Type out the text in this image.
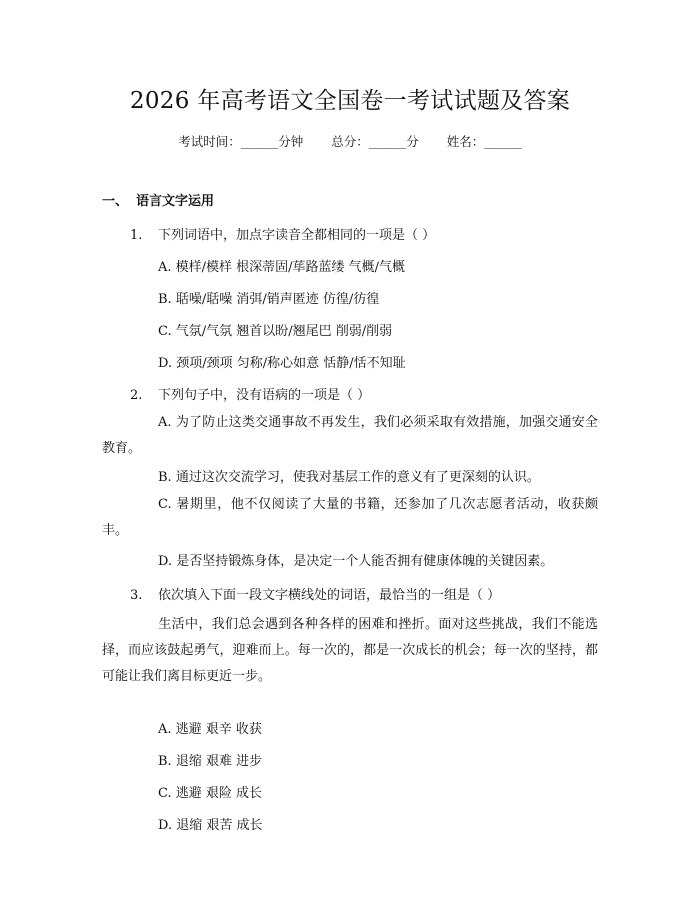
2026 年高考语文全国卷一考试试题及答案
考试时间：______分钟 总分：______分 姓名：______
一、 语言文字运用
1. 下列词语中，加点字读音全都相同的一项是（ ）
A. 模样/模样 根深蒂固/荜路蓝缕 气概/气概
B. 聒噪/聒噪 消弭/销声匿迹 仿徨/彷徨
C. 气氛/气氛 翘首以盼/翘尾巴 削弱/削弱
D. 颈项/颈项 匀称/称心如意 恬静/恬不知耻
2. 下列句子中，没有语病的一项是（ ）
A. 为了防止这类交通事故不再发生，我们必须采取有效措施，加强交通安全教育。
B. 通过这次交流学习，使我对基层工作的意义有了更深刻的认识。
C. 暑期里，他不仅阅读了大量的书籍，还参加了几次志愿者活动，收获颇丰。
D. 是否坚持锻炼身体，是决定一个人能否拥有健康体魄的关键因素。
3. 依次填入下面一段文字横线处的词语，最恰当的一组是（ ）
生活中，我们总会遇到各种各样的困难和挫折。面对这些挑战，我们不能选择，而应该鼓起勇气，迎难而上。每一次的，都是一次成长的机会；每一次的坚持，都可能让我们离目标更近一步。
A. 逃避 艰辛 收获
B. 退缩 艰难 进步
C. 逃避 艰险 成长
D. 退缩 艰苦 成长
